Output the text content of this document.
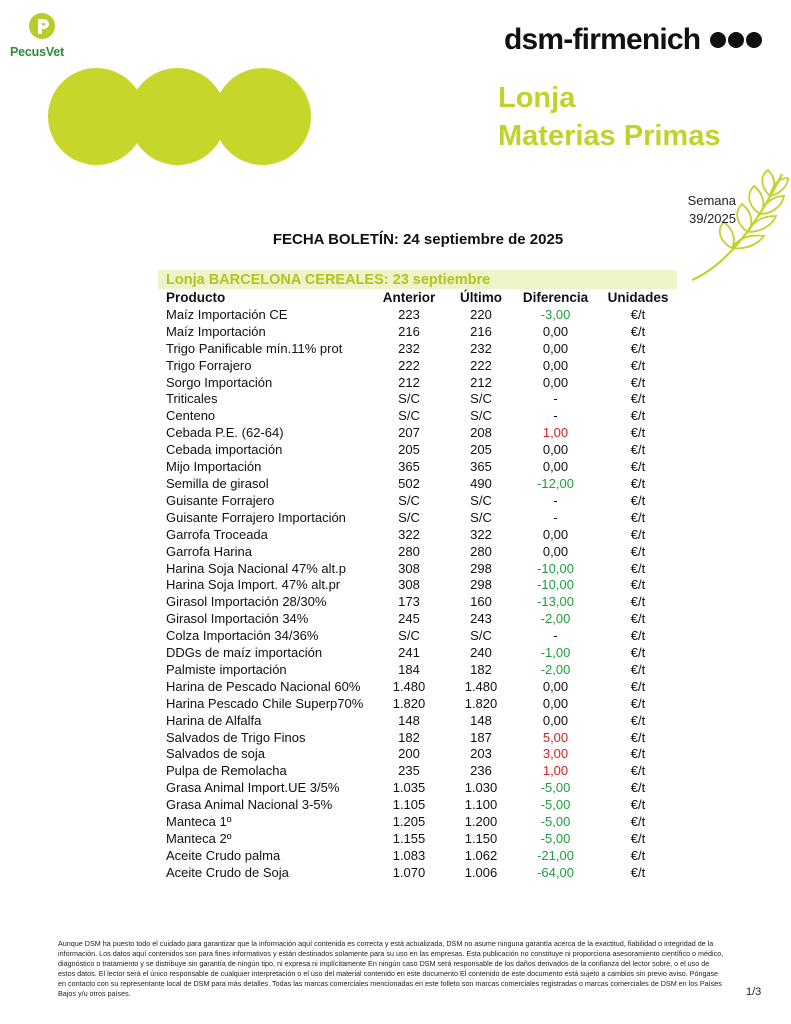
PecusVet	dsm-firmenich
Lonja
Materias Primas
Semana
39/2025
FECHA BOLETÍN: 24 septiembre de 2025
Lonja BARCELONA CEREALES: 23 septiembre
Producto	Anterior	Último	Diferencia	Unidades
Maíz Importación CE	223	220	-3,00	€/t
Maíz Importación	216	216	0,00	€/t
Trigo Panificable mín.11% prot	232	232	0,00	€/t
Trigo Forrajero	222	222	0,00	€/t
Sorgo Importación	212	212	0,00	€/t
Triticales	S/C	S/C	-	€/t
Centeno	S/C	S/C	-	€/t
Cebada P.E. (62-64)	207	208	1,00	€/t
Cebada importación	205	205	0,00	€/t
Mijo Importación	365	365	0,00	€/t
Semilla de girasol	502	490	-12,00	€/t
Guisante Forrajero	S/C	S/C	-	€/t
Guisante Forrajero Importación	S/C	S/C	-	€/t
Garrofa Troceada	322	322	0,00	€/t
Garrofa Harina	280	280	0,00	€/t
Harina Soja Nacional 47% alt.p	308	298	-10,00	€/t
Harina Soja Import. 47% alt.pr	308	298	-10,00	€/t
Girasol Importación 28/30%	173	160	-13,00	€/t
Girasol Importación 34%	245	243	-2,00	€/t
Colza Importación 34/36%	S/C	S/C	-	€/t
DDGs de maíz importación	241	240	-1,00	€/t
Palmiste importación	184	182	-2,00	€/t
Harina de Pescado Nacional 60%	1.480	1.480	0,00	€/t
Harina Pescado Chile Superp70%	1.820	1.820	0,00	€/t
Harina de Alfalfa	148	148	0,00	€/t
Salvados de Trigo Finos	182	187	5,00	€/t
Salvados de soja	200	203	3,00	€/t
Pulpa de Remolacha	235	236	1,00	€/t
Grasa Animal Import.UE 3/5%	1.035	1.030	-5,00	€/t
Grasa Animal Nacional 3-5%	1.105	1.100	-5,00	€/t
Manteca 1º	1.205	1.200	-5,00	€/t
Manteca 2º	1.155	1.150	-5,00	€/t
Aceite Crudo palma	1.083	1.062	-21,00	€/t
Aceite Crudo de Soja	1.070	1.006	-64,00	€/t
Aunque DSM ha puesto todo el cuidado para garantizar que la información aquí contenida es correcta y está actualizada, DSM no asume ninguna garantía acerca de la exactitud, fiabilidad o integridad de la información. Los datos aquí contenidos son para fines informativos y están destinados solamente para su uso en las empresas. Esta publicación no constituye ni proporciona asesoramiento científico o médico, diagnóstico o tratamiento y se distribuye sin garantía de ningún tipo, ni expresa ni implícitamente En ningún caso DSM será responsable de los daños derivados de la confianza del lector sobre, o el uso de estos datos. El lector será el único responsable de cualquier interpretación o el uso del material contenido en este documento El contenido de este documento está sujeto a cambios sin previo aviso. Póngase en contacto con su representante local de DSM para más detalles. Todas las marcas comerciales mencionadas en este folleto son marcas comerciales registradas o marcas comerciales de DSM en los Países Bajos y/u otros países.	1/3
